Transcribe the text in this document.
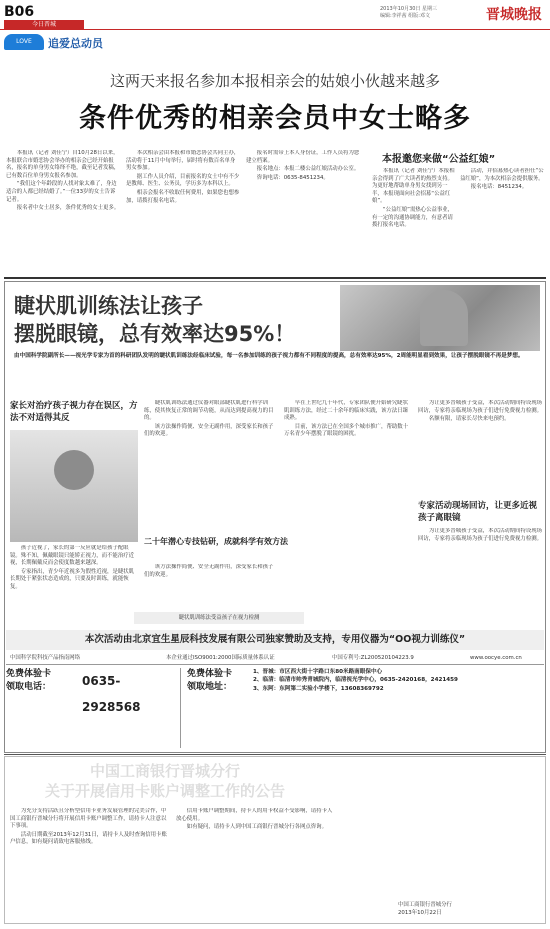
B06
今日晋城
2013年10月30日 星期三
编辑:李祥茜 组版:邓文	晋城晚报
LOVE	追爱总动员
这两天来报名参加本报相亲会的姑娘小伙越来越多
条件优秀的相亲会员中女士略多

本报讯（记者 刘佳宁）自10月28日以来，本报联合市婚恋协会举办的相亲会已经开始报名，报名的单身男女络绎不绝，截至记者发稿，已有数百位单身男女报名参加。

“我们这个年龄段的人找对象太难了，身边适合的人都已经结婚了。”一位33岁的女士告诉记者。

报名者中女士居多，条件优秀的女士更多。

本次相亲会由本报和市婚恋协会共同主办，活动将于11月中旬举行，届时将有数百名单身男女参加。

据工作人员介绍，目前报名的女士中有不少是教师、医生、公务员，学历多为本科以上。

相亲会报名不收取任何费用，如果您也想参加，请拨打报名电话。

报名时需带上本人身份证，工作人员将为您建立档案。

报名地点：本报二楼公益红娘活动办公室。

咨询电话：0635-8451234。

本报邀您来做“公益红娘”

本报讯（记者 刘佳宁）本报相亲会得到了广大读者的热烈支持。为更好地帮助单身男女找到另一半，本报现面向社会招募“公益红娘”。

“公益红娘”需热心公益事业，有一定的沟通协调能力，有意者请拨打报名电话。

活动，并招募热心读者担任“公益红娘”，为本次相亲会提供服务。

报名电话：8451234。

睫状肌训练法让孩子
摆脱眼镜，总有效率达95%！
由中国科学院副所长——视光学专家为首的科研团队发明的睫状肌训练法经临床试验，每一名参加训练的孩子视力都有不同程度的提高，总有效率达95%，2周能明显看到效果，让孩子摆脱眼镜不再是梦想。
家长对治疗孩子视力存在误区，方法不对适得其反

孩子近视了，家长的第一反应就是给孩子配眼镜。殊不知，佩戴眼镜只能矫正视力，而不能治疗近视，长期佩戴反而会使度数越来越深。

专家指出，青少年近视多为假性近视，是睫状肌长期处于紧张状态造成的，只要及时训练，就能恢复。

睫状肌训练法通过仪器对眼部睫状肌进行科学训练，使其恢复正常的调节功能，从而达到提高视力的目的。

该方法操作简便、安全无副作用，深受家长和孩子们的欢迎。

二十年潜心专技钻研，成就科学有效方法

该方法操作简便、安全无副作用，深受家长和孩子们的欢迎。

早在上世纪九十年代，专家团队便开始研究睫状肌训练方法，经过二十余年的临床实践，该方法日臻成熟。

目前，该方法已在全国多个城市推广，帮助数十万名青少年摆脱了眼镜的困扰。

为让更多晋城孩子受益，本次活动期间特设现场回访，专家将亲临现场为孩子们进行免费视力检测。

名额有限，请家长尽快来电预约。

专家活动现场回访，让更多近视孩子离眼镜

为让更多晋城孩子受益，本次活动期间特设现场回访，专家将亲临现场为孩子们进行免费视力检测。

睫状肌训练法受益孩子在视力检测
本次活动由北京宜生星辰科技发展有限公司独家赞助及支持，专用仪器为“OO视力训练仪”
中国科学院科技产品指南网络	本企业通过ISO9001:2000国际质量体系认证	中国专利号:ZL200520104223.9	www.oocye.com.cn
免费体验卡
领取电话：	0635-2928568
免费体验卡
领取地址：
1、晋城：市区西大街十字路口东80米路南眼保中心
2、临清：临清市帅秀青城院内，临清视光学中心，0635-2420168，2421459
3、东阿：东阿第二实验小学楼下，13608369792
中国工商银行晋城分行
关于开展信用卡账户调整工作的公告

为充分支持活跃且分析型信用卡业务发展管理的完美合作，中国工商银行晋城分行将开展信用卡账户调整工作，请持卡人注意以下事项。

活动日期截至2013年12月31日，请持卡人及时查询信用卡账户信息，如有疑问请致电客服热线。

信用卡账户调整期间，持卡人的用卡权益不受影响，请持卡人放心使用。

如有疑问，请持卡人到中国工商银行晋城分行各网点咨询。

中国工商银行晋城分行
2013年10月22日
